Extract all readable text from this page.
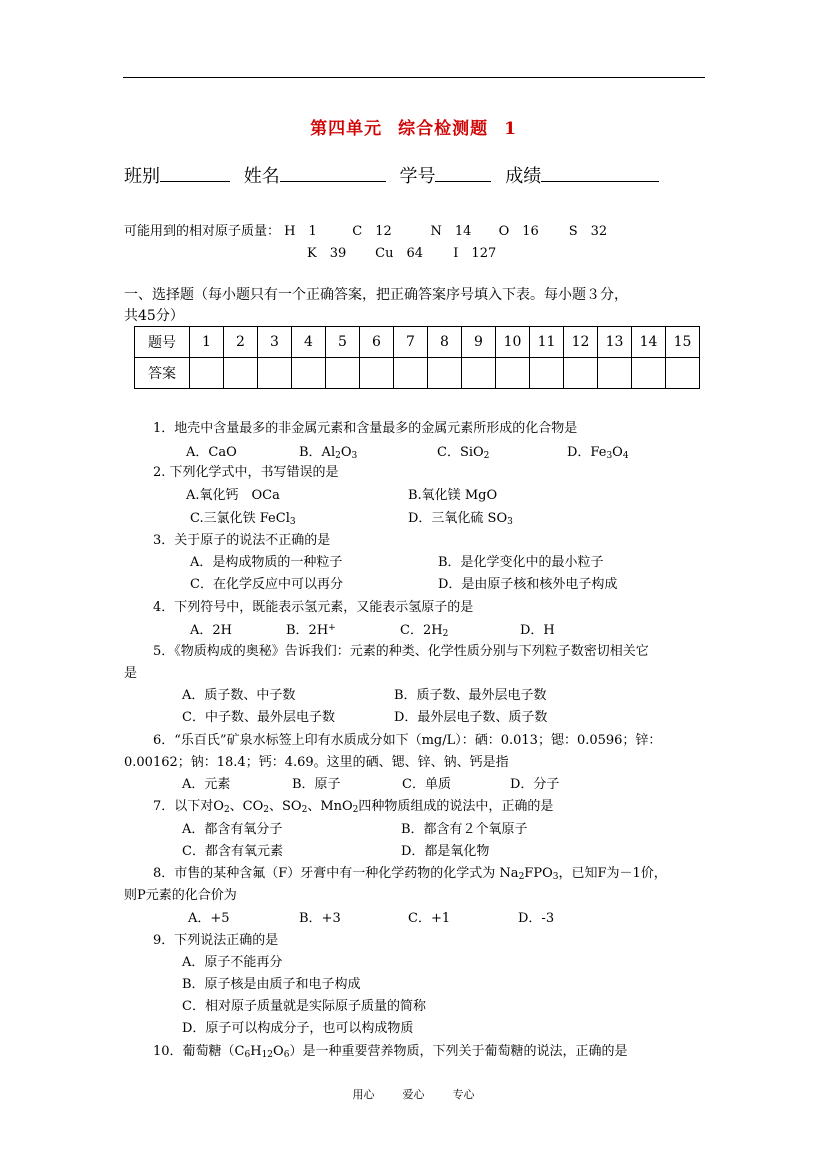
第四单元 综合检测题 1
班别	姓名	学号	成绩
可能用到的相对原子质量： H　1	C　12	N　14 O　16 S　32
K　39 Cu　64 I　127
一、选择题（每小题只有一个正确答案，把正确答案序号填入下表。每小题３分，
共45分）
题号	1	2	3	4	5	6	7	8	9	10	11	12	13	14	15
答案															
1．地壳中含量最多的非金属元素和含量最多的金属元素所形成的化合物是
A．CaO	B．$Al_2O_3$	C．SiO$_2$	D．$Fe_3O_4$
2. 下列化学式中，书写错误的是
A.氧化钙　OCa	B.氧化镁 MgO
C.三氯化铁 FeCl$_3$	D．三氧化硫 $SO_3$
3．关于原子的说法不正确的是
A．是构成物质的一种粒子	B．是化学变化中的最小粒子
C．在化学反应中可以再分	D．是由原子核和核外电子构成
4．下列符号中，既能表示氢元素，又能表示氢原子的是
A．2H	B．2H+	C．$2H_2$	D．H
5．《物质构成的奥秘》告诉我们：元素的种类、化学性质分别与下列粒子数密切相关它
是
A．质子数、中子数	B．质子数、最外层电子数
C．中子数、最外层电子数	D．最外层电子数、质子数
6．“乐百氏”矿泉水标签上印有水质成分如下（mg/L）：硒：0.013；锶：0.0596；锌：
0.00162；钠：18.4；钙：4.69。这里的硒、锶、锌、钠、钙是指
A．元素	B．原子	C．单质	D．分子
7．以下对$O_2$、$CO_2$、$SO_2$、MnO$_2$四种物质组成的说法中，正确的是
A．都含有氧分子	B．都含有２个氧原子
C．都含有氧元素	D．都是氧化物
8．市售的某种含氟（F）牙膏中有一种化学药物的化学式为 $Na_2FPO_3$，已知F为－1价，
则P元素的化合价为
A．+5	B．+3	C．+1	D．-3
9．下列说法正确的是
A．原子不能再分
B．原子核是由质子和电子构成
C．相对原子质量就是实际原子质量的简称
D．原子可以构成分子，也可以构成物质
10．葡萄糖$(C_6H_{12}O_6)$是一种重要营养物质，下列关于葡萄糖的说法，正确的是
用心	爱心	专心
